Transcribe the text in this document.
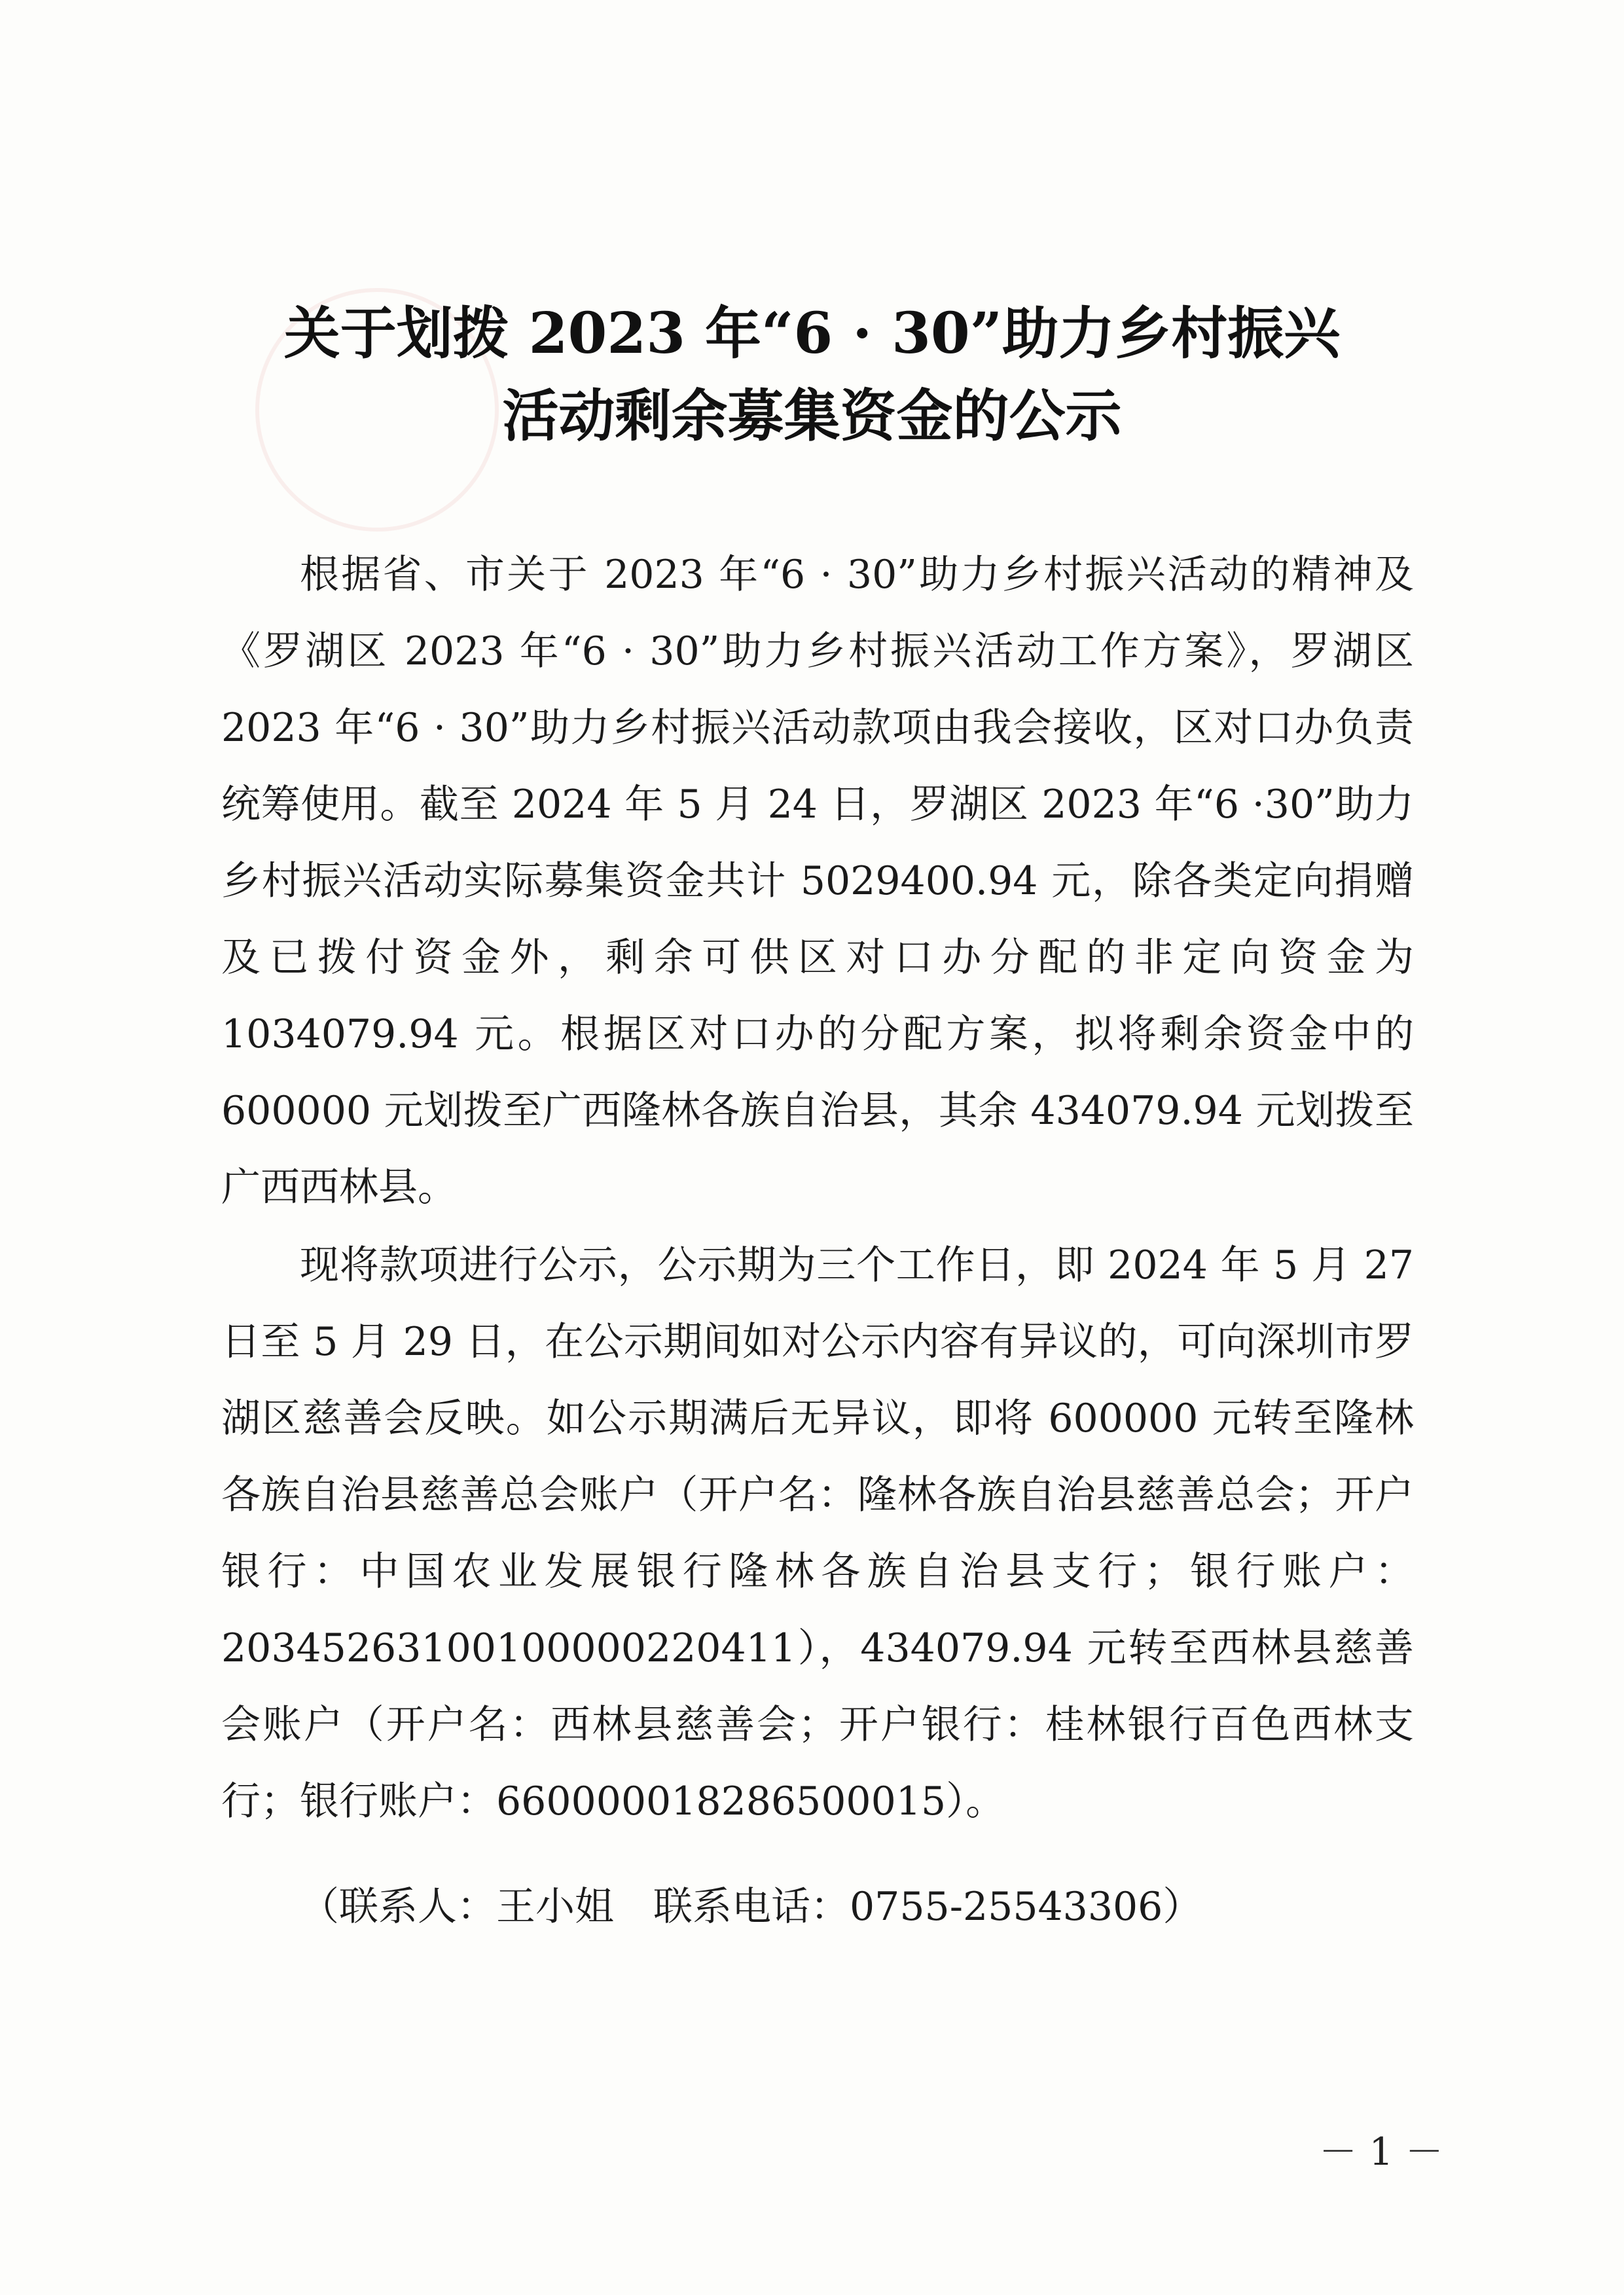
关于划拨 2023 年“6 · 30”助力乡村振兴
活动剩余募集资金的公示

根据省、市关于 2023 年“6 · 30”助力乡村振兴活动的精神及《罗湖区 2023 年“6 · 30”助力乡村振兴活动工作方案》，罗湖区 2023 年“6 · 30”助力乡村振兴活动款项由我会接收，区对口办负责统筹使用。截至 2024 年 5 月 24 日，罗湖区 2023 年“6 ·30”助力乡村振兴活动实际募集资金共计 5029400.94 元，除各类定向捐赠及已拨付资金外，剩余可供区对口办分配的非定向资金为 1034079.94 元。根据区对口办的分配方案，拟将剩余资金中的 600000 元划拨至广西隆林各族自治县，其余 434079.94 元划拨至广西西林县。

现将款项进行公示，公示期为三个工作日，即 2024 年 5 月 27 日至 5 月 29 日，在公示期间如对公示内容有异议的，可向深圳市罗湖区慈善会反映。如公示期满后无异议，即将 600000 元转至隆林各族自治县慈善总会账户（开户名：隆林各族自治县慈善总会；开户银行：中国农业发展银行隆林各族自治县支行；银行账户：20345263100100000220411），434079.94 元转至西林县慈善会账户（开户名：西林县慈善会；开户银行：桂林银行百色西林支行；银行账户：660000018286500015）。

（联系人：王小姐　联系电话：0755-25543306）

－ 1 －
